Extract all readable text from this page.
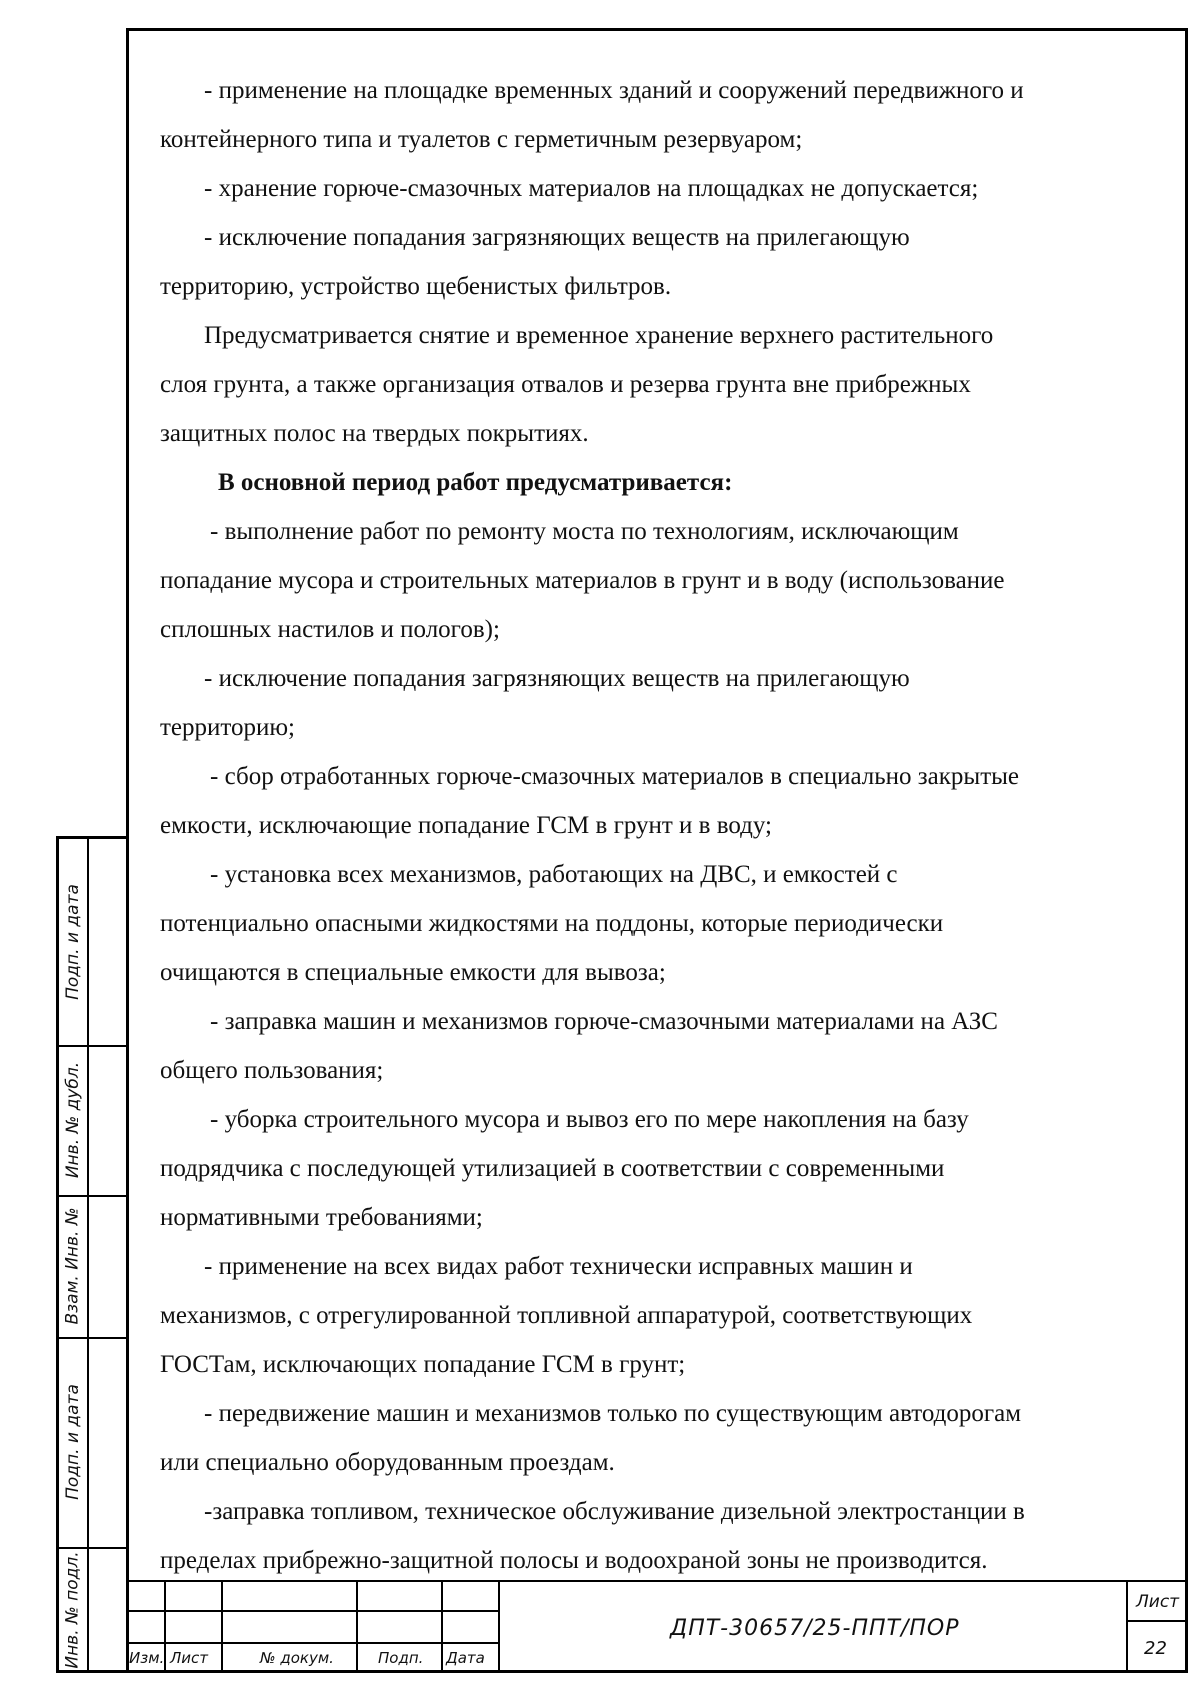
- применение на площадке временных зданий и сооружений передвижного и
контейнерного типа и туалетов с герметичным резервуаром;
- хранение горюче-смазочных материалов на площадках не допускается;
- исключение попадания загрязняющих веществ на прилегающую
территорию, устройство щебенистых фильтров.
Предусматривается снятие и временное хранение верхнего растительного
слоя грунта, а также организация отвалов и резерва грунта вне прибрежных
защитных полос на твердых покрытиях.
В основной период работ предусматривается:
- выполнение работ по ремонту моста по технологиям, исключающим
попадание мусора и строительных материалов в грунт и в воду (использование
сплошных настилов и пологов);
- исключение попадания загрязняющих веществ на прилегающую
территорию;
- сбор отработанных горюче-смазочных материалов в специально закрытые
емкости, исключающие попадание ГСМ в грунт и в воду;
- установка всех механизмов, работающих на ДВС, и емкостей с
потенциально опасными жидкостями на поддоны, которые периодически
очищаются в специальные емкости для вывоза;
- заправка машин и механизмов горюче-смазочными материалами на АЗС
общего пользования;
- уборка строительного мусора и вывоз его по мере накопления на базу
подрядчика с последующей утилизацией в соответствии с современными
нормативными требованиями;
- применение на всех видах работ технически исправных машин и
механизмов, с отрегулированной топливной аппаратурой, соответствующих
ГОСТам, исключающих попадание ГСМ в грунт;
- передвижение машин и механизмов только по существующим автодорогам
или специально оборудованным проездам.
-заправка топливом, техническое обслуживание дизельной электростанции в
пределах прибрежно-защитной полосы и водоохраной зоны не производится.
Подп. и дата
Инв. № дубл.
Взам. Инв. №
Подп. и дата
Инв. № подл.	Изм. Лист	№ докум.	Подп. Дата
Лист
22
ДПТ-30657/25-ППТ/ПОР
